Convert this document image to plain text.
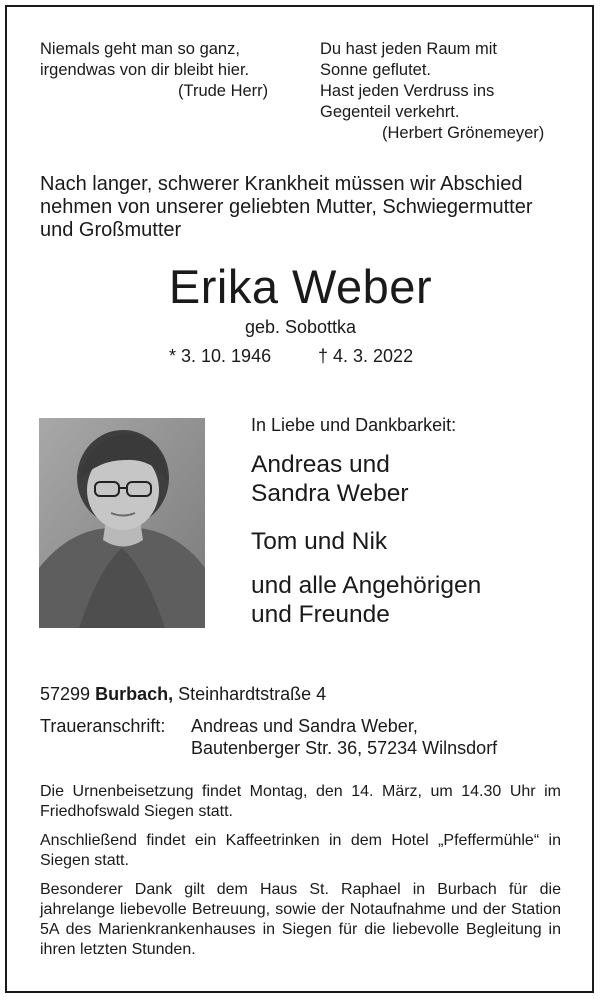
Niemals geht man so ganz,
irgendwas von dir bleibt hier.
(Trude Herr)
Du hast jeden Raum mit
Sonne geflutet.
Hast jeden Verdruss ins
Gegenteil verkehrt.
(Herbert Grönemeyer)
Nach langer, schwerer Krankheit müssen wir Abschied
nehmen von unserer geliebten Mutter, Schwiegermutter
und Großmutter
Erika Weber
geb. Sobottka
* 3. 10. 1946	† 4. 3. 2022
In Liebe und Dankbarkeit:
Andreas und
Sandra Weber
Tom und Nik
und alle Angehörigen
und Freunde
57299 Burbach, Steinhardtstraße 4
Traueranschrift: Andreas und Sandra Weber,
Bautenberger Str. 36, 57234 Wilnsdorf
Die Urnenbeisetzung findet Montag, den 14. März, um 14.30 Uhr im Friedhofswald Siegen statt.
Anschließend findet ein Kaffeetrinken in dem Hotel „Pfeffermühle“ in Siegen statt.
Besonderer Dank gilt dem Haus St. Raphael in Burbach für die jahrelange liebevolle Betreuung, sowie der Notaufnahme und der Station 5A des Marienkrankenhauses in Siegen für die liebevolle Begleitung in ihren letzten Stunden.
